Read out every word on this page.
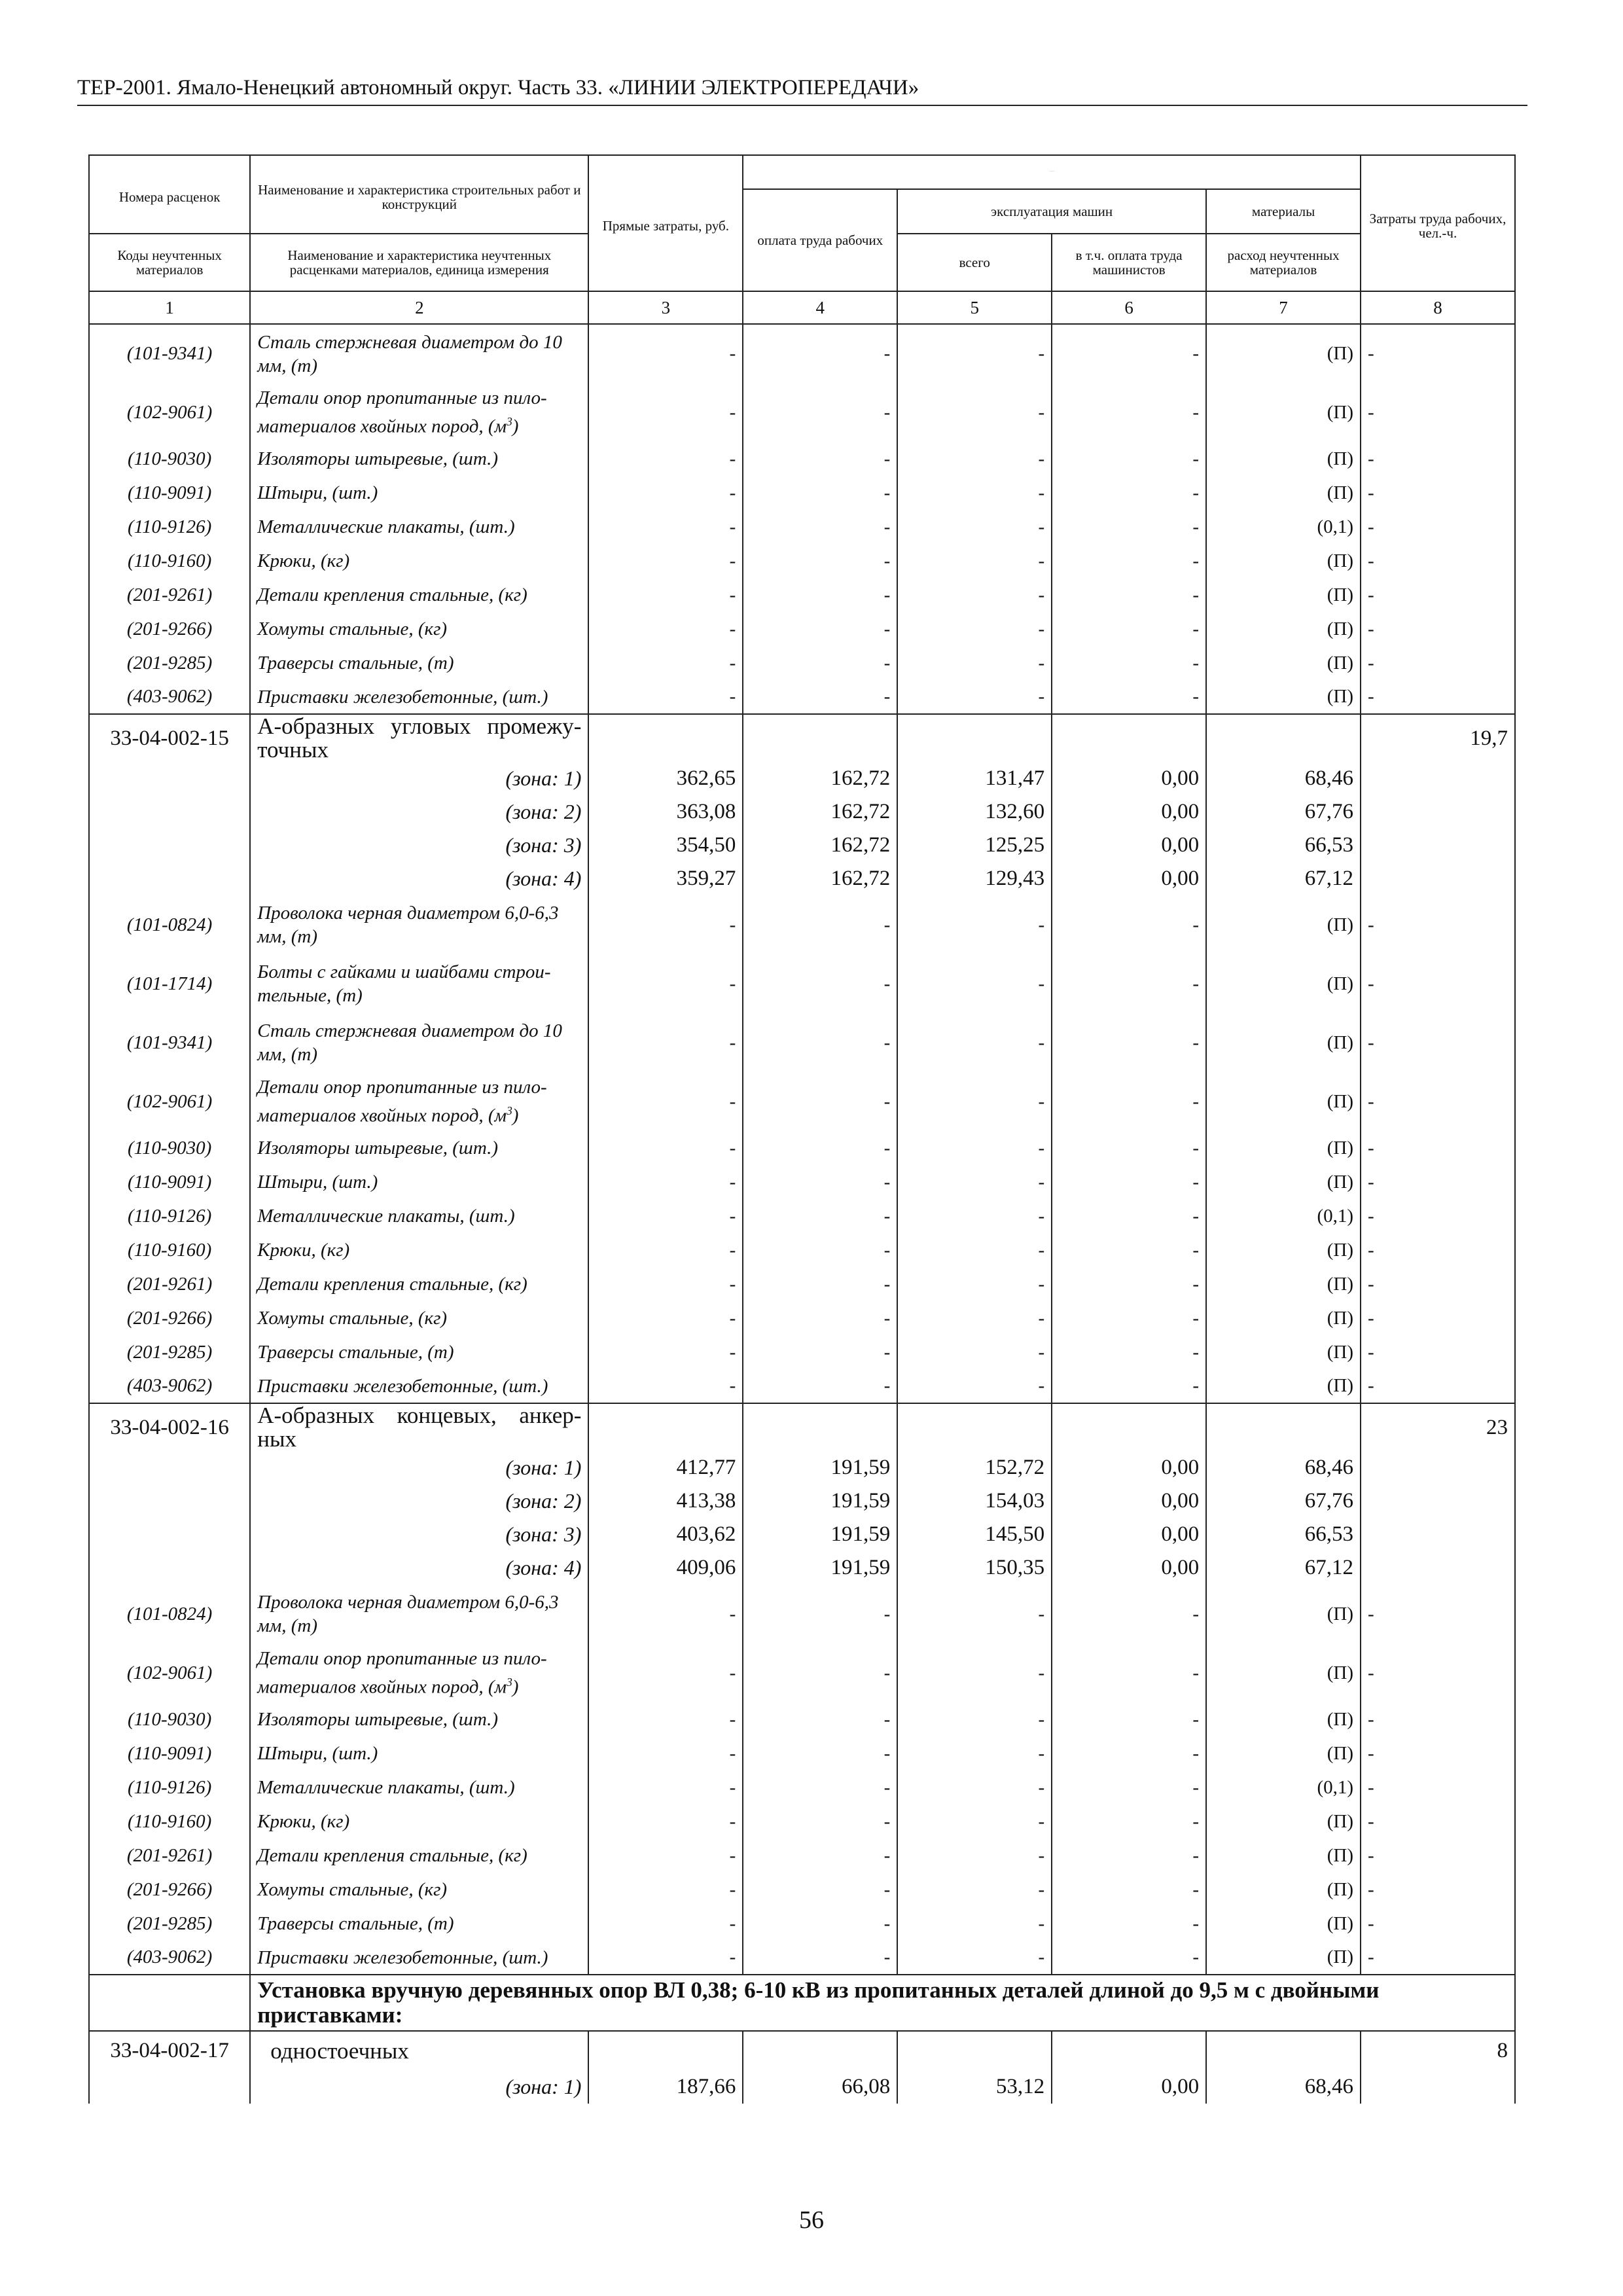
ТЕР-2001. Ямало-Ненецкий автономный округ. Часть 33. «ЛИНИИ ЭЛЕКТРОПЕРЕДАЧИ»
			В том числе, руб.				
Номера расценок	Наименование и характеристика строительных работ и конструкций	Прямые затраты, руб.					Затраты труда рабочих, чел.-ч.
			оплата труда рабочих	эксплуатация машин		материалы	
Коды неучтенных материалов	Наименование и характеристика неучтенных расценками материалов, единица измерения			всего	в т.ч. оплата труда машинистов	расход неучтенных материалов	
1	2	3	4	5	6	7	8
(101-9341)	Сталь стержневая диаметром до 10 мм, (т)	-	-	-	-	(П)	-
(102-9061)	Детали опор пропитанные из пило-материалов хвойных пород, $(м^3)$	-	-	-	-	(П)	-
(110-9030)	Изоляторы штыревые, (шт.)	-	-	-	-	(П)	-
(110-9091)	Штыри, (шт.)	-	-	-	-	(П)	-
(110-9126)	Металлические плакаты, (шт.)	-	-	-	-	(0,1)	-
(110-9160)	Крюки, (кг)	-	-	-	-	(П)	-
(201-9261)	Детали крепления стальные, (кг)	-	-	-	-	(П)	-
(201-9266)	Хомуты стальные, (кг)	-	-	-	-	(П)	-
(201-9285)	Траверсы стальные, (т)	-	-	-	-	(П)	-
(403-9062)	Приставки железобетонные, (шт.)	-	-	-	-	(П)	-
33-04-002-15	А-образных угловых промежу-точных						19,7
	(зона: 1)	362,65	162,72	131,47	0,00	68,46	
	(зона: 2)	363,08	162,72	132,60	0,00	67,76	
	(зона: 3)	354,50	162,72	125,25	0,00	66,53	
	(зона: 4)	359,27	162,72	129,43	0,00	67,12	
(101-0824)	Проволока черная диаметром 6,0-6,3 мм, (т)	-	-	-	-	(П)	-
(101-1714)	Болты с гайками и шайбами строи-тельные, (т)	-	-	-	-	(П)	-
(101-9341)	Сталь стержневая диаметром до 10 мм, (т)	-	-	-	-	(П)	-
(102-9061)	Детали опор пропитанные из пило-материалов хвойных пород, $(м^3)$	-	-	-	-	(П)	-
(110-9030)	Изоляторы штыревые, (шт.)	-	-	-	-	(П)	-
(110-9091)	Штыри, (шт.)	-	-	-	-	(П)	-
(110-9126)	Металлические плакаты, (шт.)	-	-	-	-	(0,1)	-
(110-9160)	Крюки, (кг)	-	-	-	-	(П)	-
(201-9261)	Детали крепления стальные, (кг)	-	-	-	-	(П)	-
(201-9266)	Хомуты стальные, (кг)	-	-	-	-	(П)	-
(201-9285)	Траверсы стальные, (т)	-	-	-	-	(П)	-
(403-9062)	Приставки железобетонные, (шт.)	-	-	-	-	(П)	-
33-04-002-16	А-образных концевых, анкер-ных						23
	(зона: 1)	412,77	191,59	152,72	0,00	68,46	
	(зона: 2)	413,38	191,59	154,03	0,00	67,76	
	(зона: 3)	403,62	191,59	145,50	0,00	66,53	
	(зона: 4)	409,06	191,59	150,35	0,00	67,12	
(101-0824)	Проволока черная диаметром 6,0-6,3 мм, (т)	-	-	-	-	(П)	-
(102-9061)	Детали опор пропитанные из пило-материалов хвойных пород, $(м^3)$	-	-	-	-	(П)	-
(110-9030)	Изоляторы штыревые, (шт.)	-	-	-	-	(П)	-
(110-9091)	Штыри, (шт.)	-	-	-	-	(П)	-
(110-9126)	Металлические плакаты, (шт.)	-	-	-	-	(0,1)	-
(110-9160)	Крюки, (кг)	-	-	-	-	(П)	-
(201-9261)	Детали крепления стальные, (кг)	-	-	-	-	(П)	-
(201-9266)	Хомуты стальные, (кг)	-	-	-	-	(П)	-
(201-9285)	Траверсы стальные, (т)	-	-	-	-	(П)	-
(403-9062)	Приставки железобетонные, (шт.)	-	-	-	-	(П)	-
	Установка вручную деревянных опор ВЛ 0,38; 6-10 кВ из пропитанных деталей длиной до 9,5 м с двойными приставками:						
33-04-002-17	одностоечных						8
	(зона: 1)	187,66	66,08	53,12	0,00	68,46	
56
